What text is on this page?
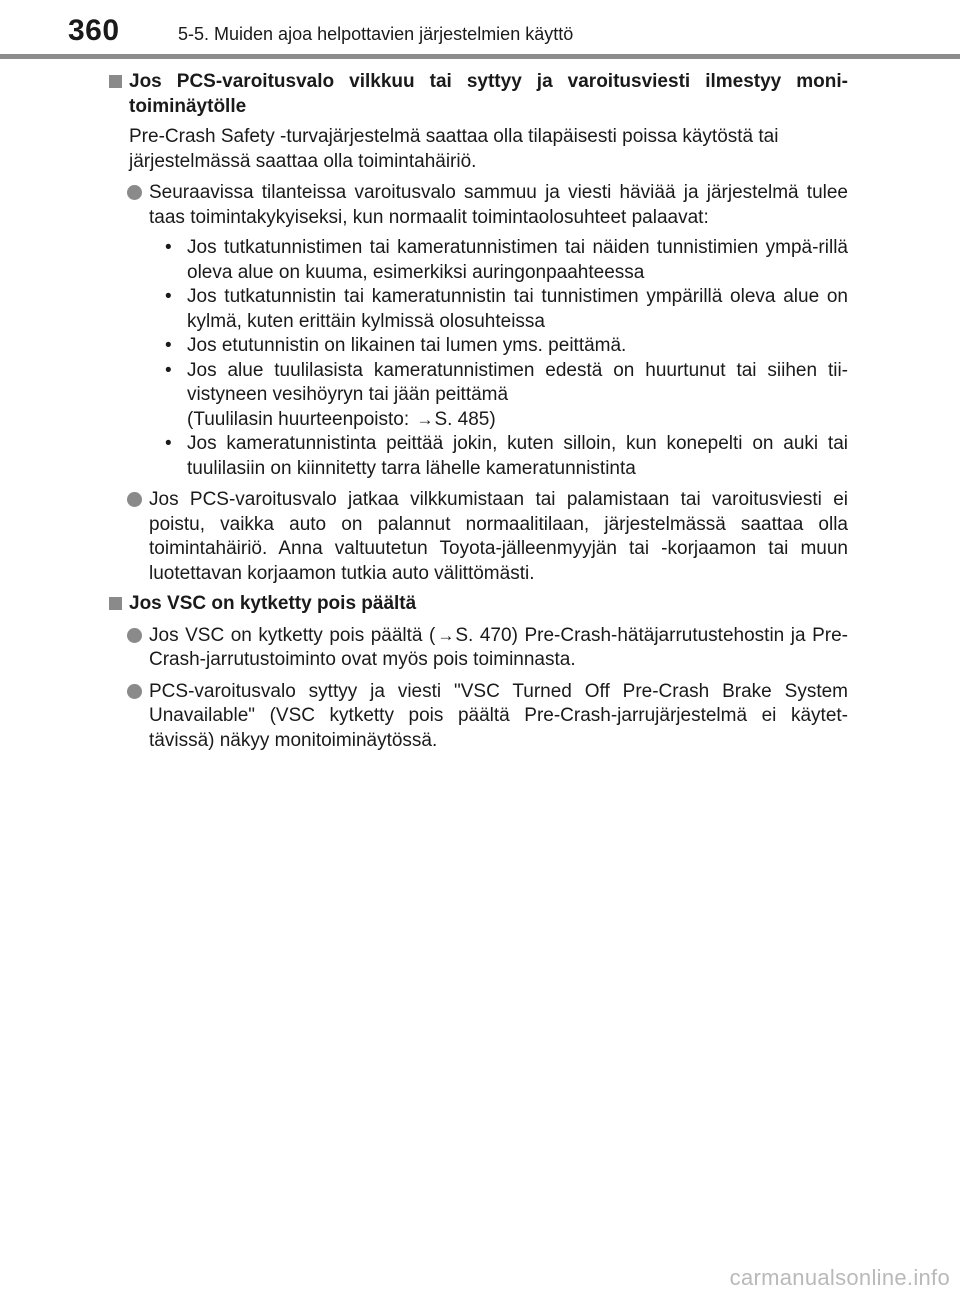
360	5-5. Muiden ajoa helpottavien järjestelmien käyttö
Jos PCS-varoitusvalo vilkkuu tai syttyy ja varoitusviesti ilmestyy moni-toiminäytölle
Pre-Crash Safety -turvajärjestelmä saattaa olla tilapäisesti poissa käytöstä tai järjestelmässä saattaa olla toimintahäiriö.
Seuraavissa tilanteissa varoitusvalo sammuu ja viesti häviää ja järjestelmä tulee taas toimintakykyiseksi, kun normaalit toimintaolosuhteet palaavat:
• Jos tutkatunnistimen tai kameratunnistimen tai näiden tunnistimien ympä-rillä oleva alue on kuuma, esimerkiksi auringonpaahteessa
• Jos tutkatunnistin tai kameratunnistin tai tunnistimen ympärillä oleva alue on kylmä, kuten erittäin kylmissä olosuhteissa
• Jos etutunnistin on likainen tai lumen yms. peittämä.
• Jos alue tuulilasista kameratunnistimen edestä on huurtunut tai siihen tii-vistyneen vesihöyryn tai jään peittämä
(Tuulilasin huurteenpoisto: →S. 485)
• Jos kameratunnistinta peittää jokin, kuten silloin, kun konepelti on auki tai tuulilasiin on kiinnitetty tarra lähelle kameratunnistinta
Jos PCS-varoitusvalo jatkaa vilkkumistaan tai palamistaan tai varoitusviesti ei poistu, vaikka auto on palannut normaalitilaan, järjestelmässä saattaa olla toimintahäiriö. Anna valtuutetun Toyota-jälleenmyyjän tai -korjaamon tai muun luotettavan korjaamon tutkia auto välittömästi.
Jos VSC on kytketty pois päältä
Jos VSC on kytketty pois päältä ( →S. 470) Pre-Crash-hätäjarrutustehostin ja Pre-Crash-jarrutustoiminto ovat myös pois toiminnasta.
PCS-varoitusvalo syttyy ja viesti "VSC Turned Off Pre-Crash Brake System Unavailable" (VSC kytketty pois päältä Pre-Crash-jarrujärjestelmä ei käytet-tävissä) näkyy monitoiminäytössä.
carmanualsonline.info
